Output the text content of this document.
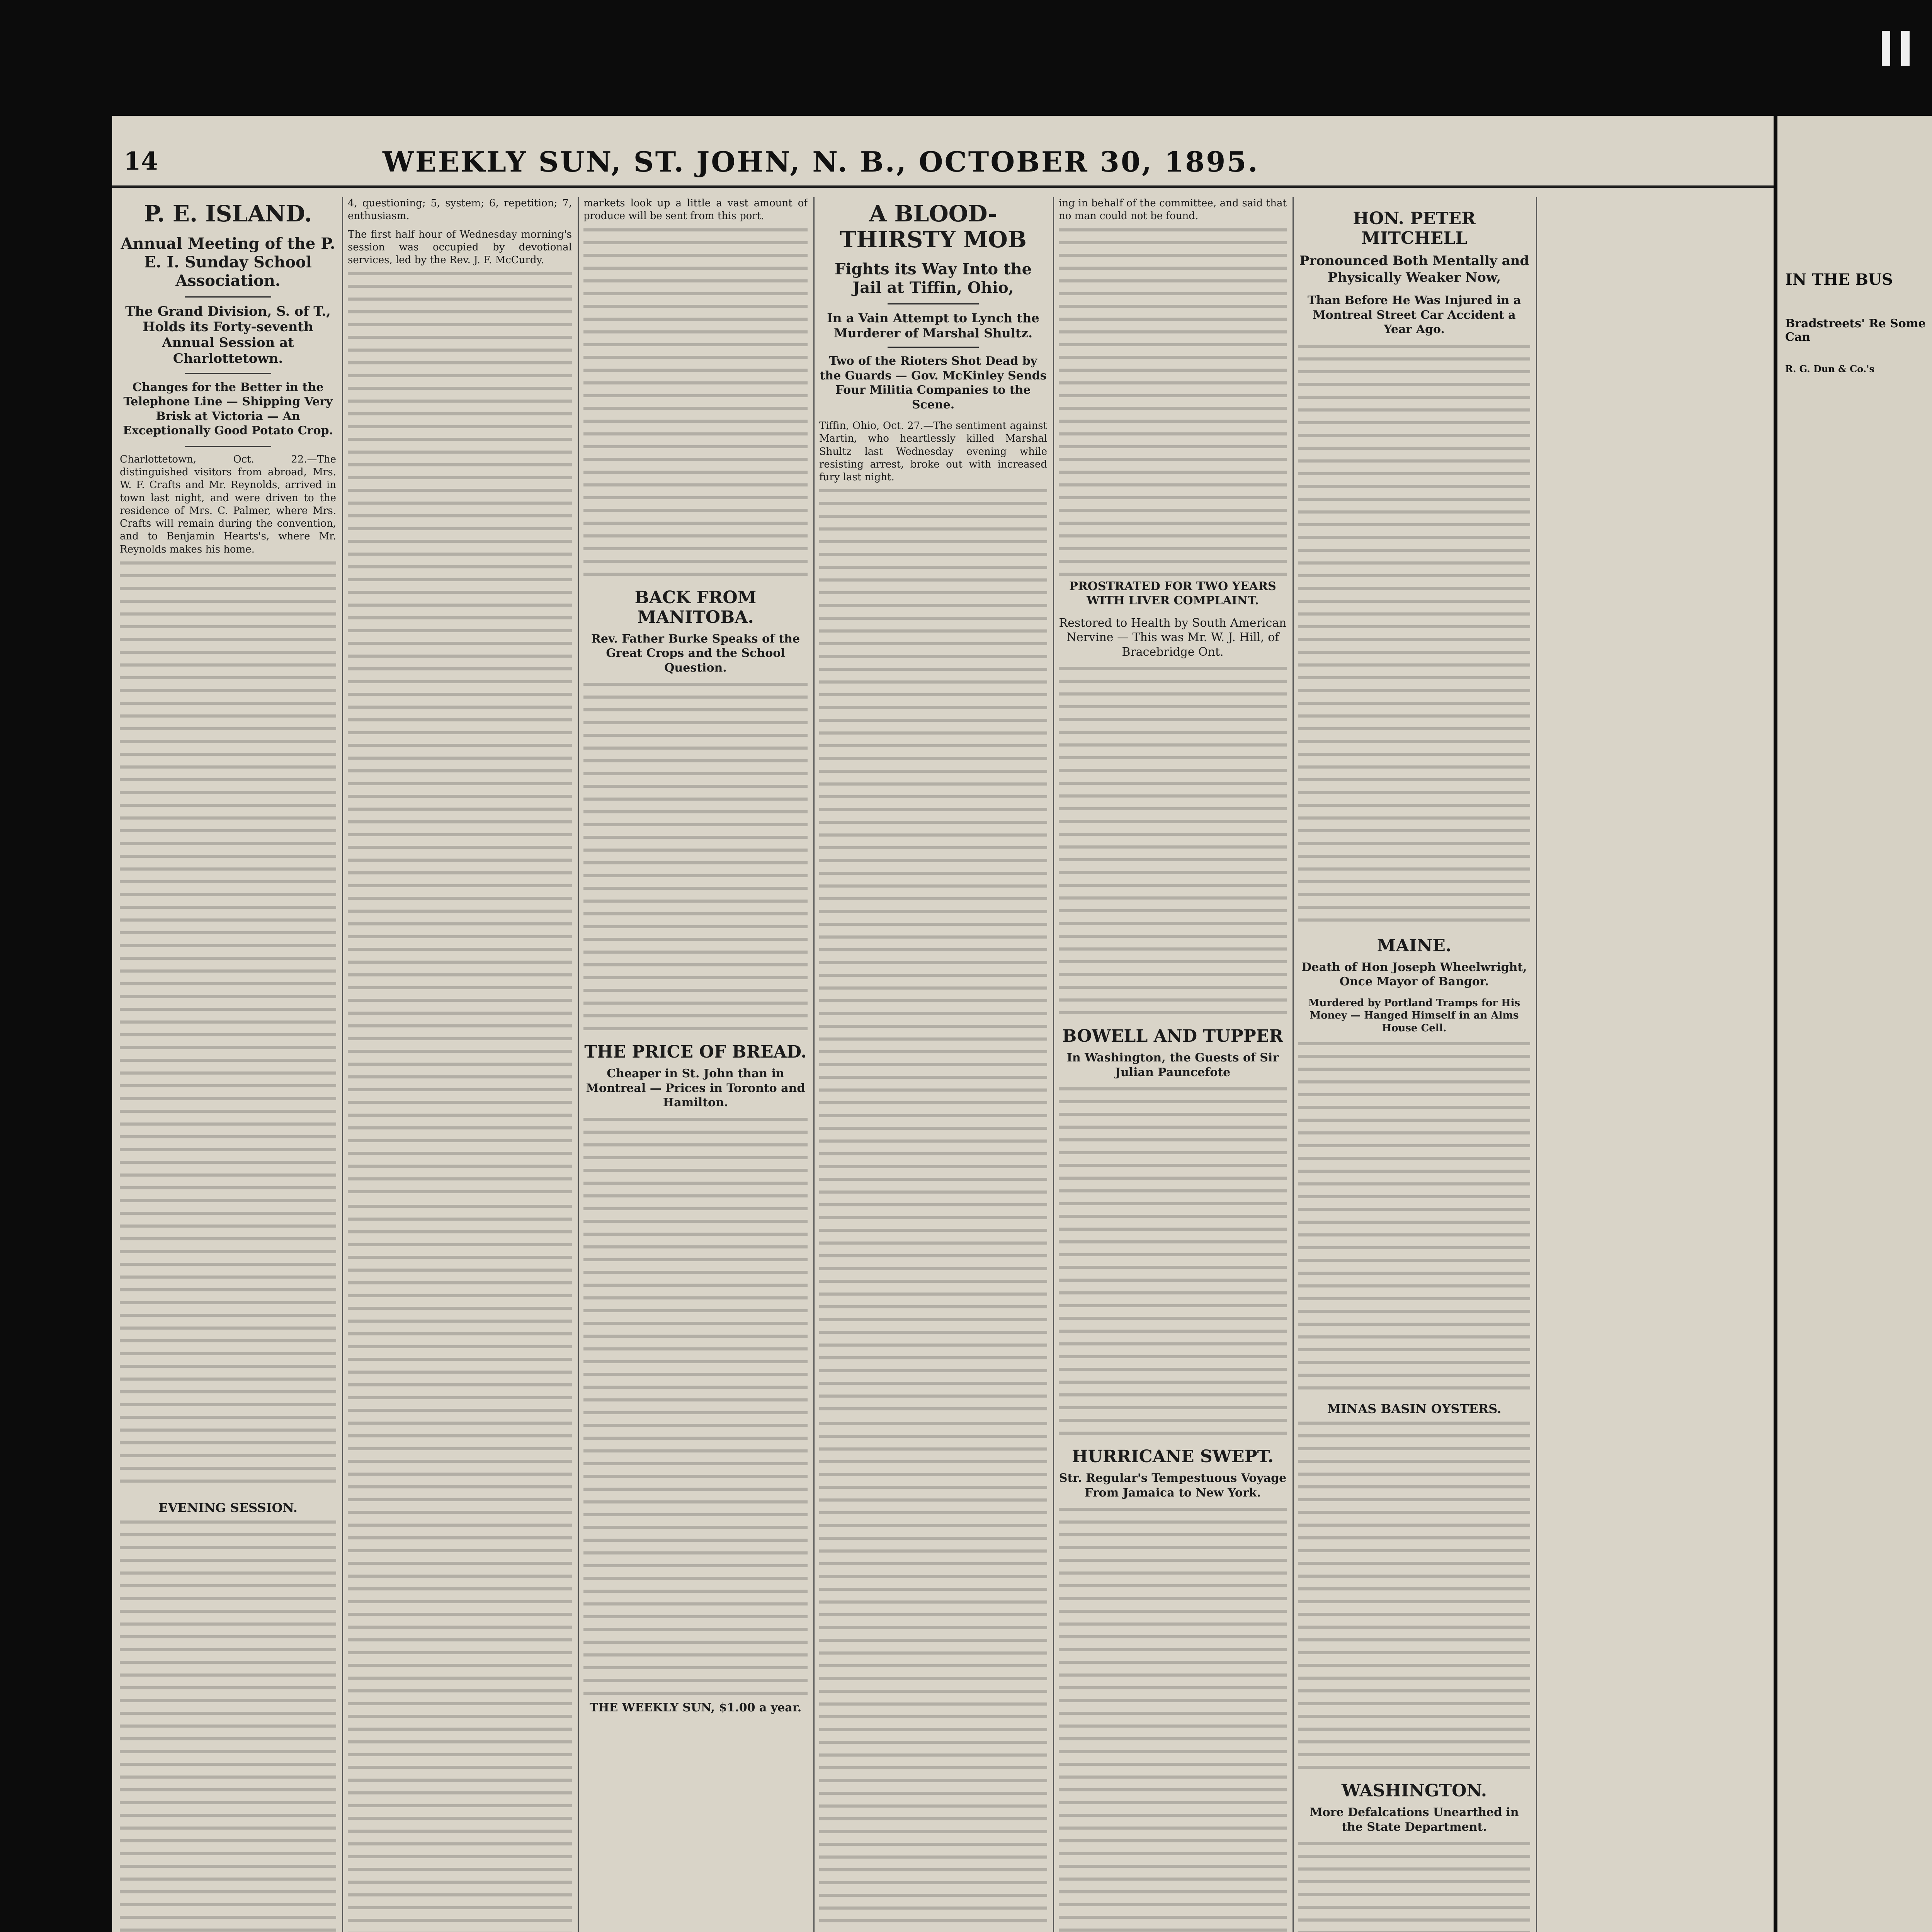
14	WEEKLY SUN, ST. JOHN, N. B., OCTOBER 30, 1895.
P. E. ISLAND.
Annual Meeting of the P. E. I. Sunday School Association.
The Grand Division, S. of T., Holds its Forty-seventh Annual Session at Charlottetown.
Changes for the Better in the Telephone Line — Shipping Very Brisk at Victoria — An Exceptionally Good Potato Crop.

Charlottetown, Oct. 22.—The distinguished visitors from abroad, Mrs. W. F. Crafts and Mr. Reynolds, arrived in town last night, and were driven to the residence of Mrs. C. Palmer, where Mrs. Crafts will remain during the convention, and to Benjamin Hearts's, where Mr. Reynolds makes his home.

EVENING SESSION.

4, questioning; 5, system; 6, repetition; 7, enthusiasm.

The first half hour of Wednesday morning's session was occupied by devotional services, led by the Rev. J. F. McCurdy.

markets look up a little a vast amount of produce will be sent from this port.

BACK FROM MANITOBA.
Rev. Father Burke Speaks of the Great Crops and the School Question.
THE PRICE OF BREAD.
Cheaper in St. John than in Montreal — Prices in Toronto and Hamilton.
THE WEEKLY SUN, $1.00 a year.
A BLOOD-THIRSTY MOB
Fights its Way Into the Jail at Tiffin, Ohio,
In a Vain Attempt to Lynch the Murderer of Marshal Shultz.
Two of the Rioters Shot Dead by the Guards — Gov. McKinley Sends Four Militia Companies to the Scene.

Tiffin, Ohio, Oct. 27.—The sentiment against Martin, who heartlessly killed Marshal Shultz last Wednesday evening while resisting arrest, broke out with increased fury last night.

ing in behalf of the committee, and said that no man could not be found.

PROSTRATED FOR TWO YEARS WITH LIVER COMPLAINT.
Restored to Health by South American Nervine — This was Mr. W. J. Hill, of Bracebridge Ont.
BOWELL AND TUPPER
In Washington, the Guests of Sir Julian Pauncefote
HURRICANE SWEPT.
Str. Regular's Tempestuous Voyage From Jamaica to New York.
HON. PETER MITCHELL
Pronounced Both Mentally and Physically Weaker Now,
Than Before He Was Injured in a Montreal Street Car Accident a Year Ago.
MAINE.
Death of Hon Joseph Wheelwright, Once Mayor of Bangor.
Murdered by Portland Tramps for His Money — Hanged Himself in an Alms House Cell.
MINAS BASIN OYSTERS.
WASHINGTON.
More Defalcations Unearthed in the State Department.
IN THE BUS
Bradstreets' Re Some Can
R. G. Dun & Co.'s
